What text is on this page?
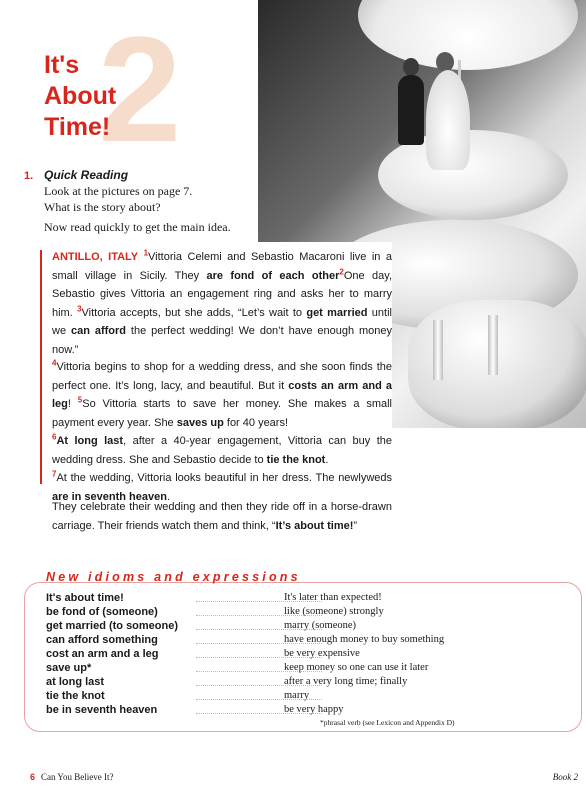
2
It's
About
Time!
1. Quick Reading
Look at the pictures on page 7.
What is the story about?
Now read quickly to get the main idea.

ANTILLO, ITALY $^1$Vittoria Celemi and Sebastio Macaroni live in a small village in Sicily. They are fond of each other$^2$One day, Sebastio gives Vittoria an engagement ring and asks her to marry him. $^3$Vittoria accepts, but she adds, “Let’s wait to get married until we can afford the perfect wedding! We don’t have enough money now.”

$^4$Vittoria begins to shop for a wedding dress, and she soon finds the perfect one. It’s long, lacy, and beautiful. But it costs an arm and a leg! $^5$So Vittoria starts to save her money. She makes a small payment every year. She saves up for 40 years!

$^6$At long last, after a 40-year engagement, Vittoria can buy the wedding dress. She and Sebastio decide to tie the knot.
$^7$At the wedding, Vittoria looks beautiful in her dress. The newlyweds are in seventh heaven.

They celebrate their wedding and then they ride off in a horse-drawn carriage. Their friends watch them and think, “It’s about time!”

New idioms and expressions
It's about time!	It's later than expected!
be fond of (someone)	like (someone) strongly
get married (to someone)	marry (someone)
can afford something	have enough money to buy something
cost an arm and a leg	be very expensive
save up*	keep money so one can use it later
at long last	after a very long time; finally
tie the knot	marry
be in seventh heaven	be very happy
*phrasal verb (see Lexicon and Appendix D)
6 Can You Believe It?	Book 2
